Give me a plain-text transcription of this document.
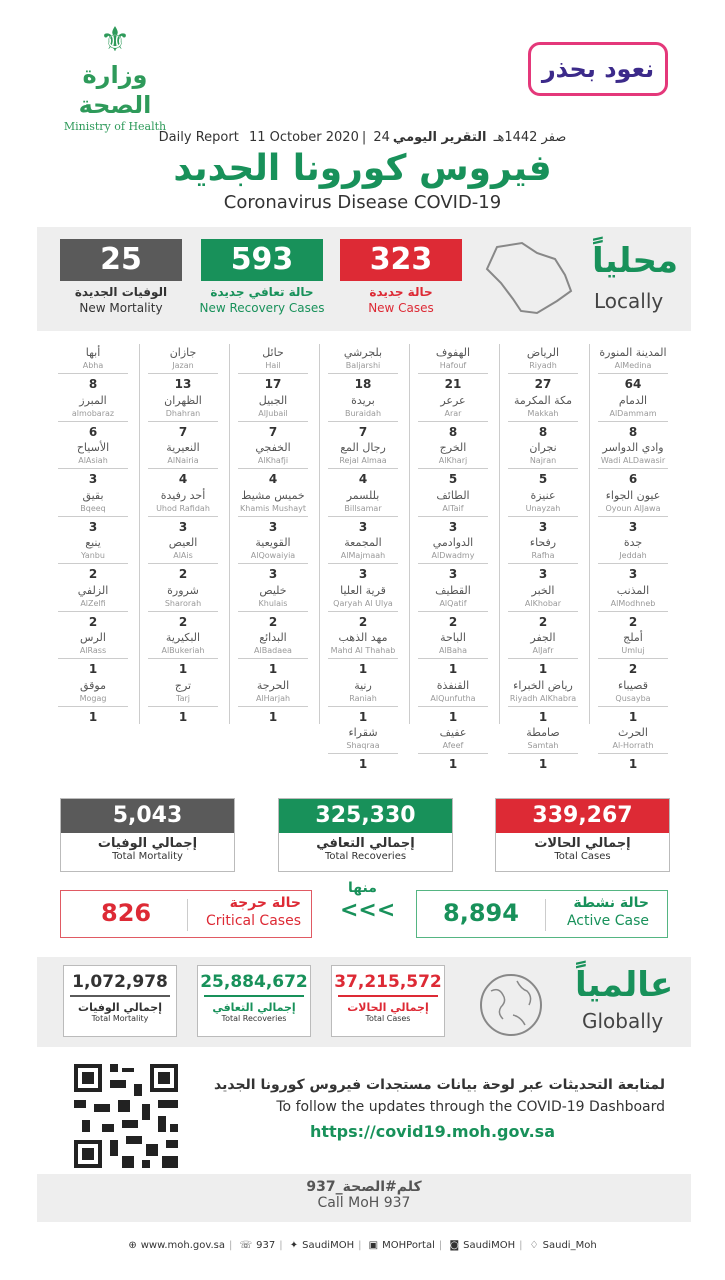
⚜
وزارة الصحة
Ministry of Health
نعود بحذر
Daily Report 11 October 2020 | 24صفر 1442هـ التقرير اليومي
فيروس كورونا الجديد
Coronavirus Disease COVID-19
25
الوفيات الجديدة
New Mortality
593
حالة تعافي جديدة
New Recovery Cases
323
حالة جديدة
New Cases
محلياً
Locally
المدينة المنورة
AlMedina
64
الرياض
Riyadh
27
الهفوف
Hafouf
21
بلجرشي
Baljarshi
18
حائل
Hail
17
جازان
Jazan
13
أبها
Abha
8
الدمام
AlDammam
8
مكة المكرمة
Makkah
8
عرعر
Arar
8
بريدة
Buraidah
7
الجبيل
AlJubail
7
الظهران
Dhahran
7
المبرز
almobaraz
6
وادي الدواسر
Wadi ALDawasir
6
نجران
Najran
5
الخرج
AlKharj
5
رجال المع
Rejal Almaa
4
الخفجي
AlKhafji
4
النعيرية
AlNairia
4
الأسياح
AlAsiah
3
عيون الجواء
Oyoun AlJawa
3
عنيزة
Unayzah
3
الطائف
AlTaif
3
بللسمر
Billsamar
3
خميس مشيط
Khamis Mushayt
3
أحد رفيدة
Uhod Rafidah
3
بقيق
Bqeeq
3
جدة
Jeddah
3
رفحاء
Rafha
3
الدوادمي
AlDwadmy
3
المجمعة
AlMajmaah
3
القويعية
AlQowaiyia
3
العيص
AlAis
2
ينبع
Yanbu
2
المذنب
AlModhneb
2
الخبر
AlKhobar
2
القطيف
AlQatif
2
قرية العليا
Qaryah Al Ulya
2
خليص
Khulais
2
شرورة
Sharorah
2
الزلفي
AlZelfi
2
أملج
Umluj
2
الجفر
AlJafr
1
الباحة
AlBaha
1
مهد الذهب
Mahd Al Thahab
1
البدائع
AlBadaea
1
البكيرية
AlBukeriah
1
الرس
AlRass
1
قصيباء
Qusayba
1
رياض الخبراء
Riyadh AlKhabra
1
القنفذة
AlQunfutha
1
رنية
Raniah
1
الحرجة
AlHarjah
1
ترج
Tarj
1
موقق
Mogag
1
الحرث
Al-Horrath
1
صامطة
Samtah
1
عفيف
Afeef
1
شقراء
Shaqraa
1
5,043
إجمالي الوفيات
Total Mortality
325,330
إجمالي التعافي
Total Recoveries
339,267
إجمالي الحالات
Total Cases
826	حالة حرجة
Critical Cases
منها
<<< 8,894	حالة نشطة
Active Case
1,072,978
إجمالي الوفيات
Total Mortality
25,884,672
إجمالي التعافي
Total Recoveries
37,215,572
إجمالي الحالات
Total Cases
عالمياً
Globally
لمتابعة التحديثات عبر لوحة بيانات مستجدات فيروس كورونا الجديد
To follow the updates through the COVID-19 Dashboard
https://covid19.moh.gov.sa
كلم#الصحة_937
Call MoH 937
⊕ www.moh.gov.sa | ☏ 937 | ✦ SaudiMOH | ▣ MOHPortal | ◙ SaudiMOH | ♢ Saudi_Moh
